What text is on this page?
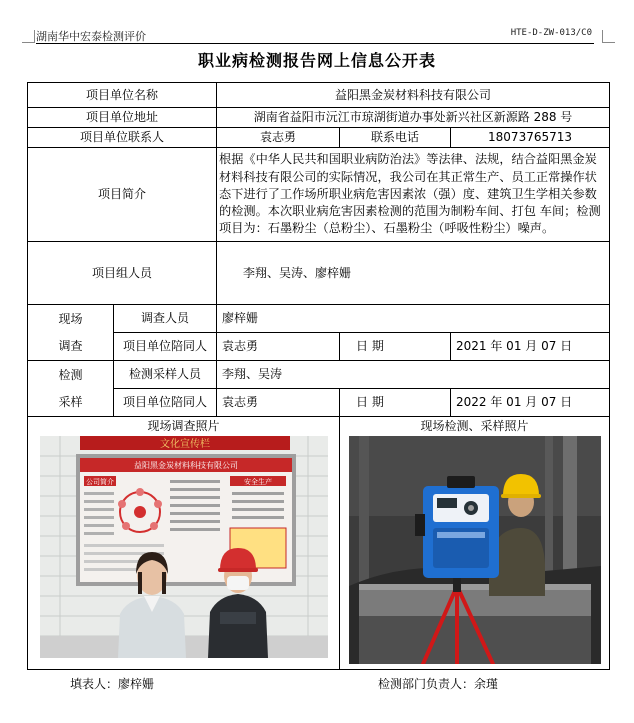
湖南华中宏泰检测评价	HTE-D-ZW-013/C0
职业病检测报告网上信息公开表
项目单位名称		益阳黑金炭材料科技有限公司		
项目单位地址		湖南省益阳市沅江市琼湖街道办事处新兴社区新源路 288 号		
项目单位联系人		袁志勇	联系电话	18073765713
项目简介		根据《中华人民共和国职业病防治法》等法律、法规，结合益阳黑金炭材料科技有限公司的实际情况，我公司在其正常生产、员工正常操作状态下进行了工作场所职业病危害因素浓（强）度、建筑卫生学相关参数的检测。本次职业病危害因素检测的范围为制粉车间、打包 车间；检测项目为：石墨粉尘（总粉尘）、石墨粉尘（呼吸性粉尘）噪声。		
项目组人员		李翔、吴涛、廖梓姗		
现场	调查人员	廖梓姗		
调查	项目单位陪同人	袁志勇	日 期	2021 年 01 月 07 日
检测	检测采样人员	李翔、吴涛		
采样	项目单位陪同人	袁志勇	日 期	2022 年 01 月 07 日

现场调查照片
文化宣传栏
益阳黑金炭材料科技有限公司
公司简介 安全生产			现场检测、采样照片	
填表人：廖梓姗	检测部门负责人：余瑾
